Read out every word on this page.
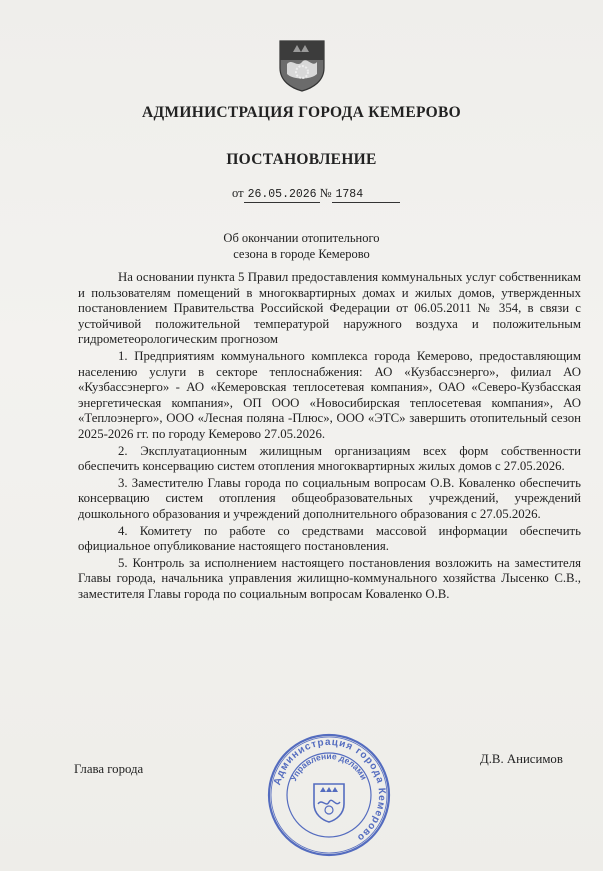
АДМИНИСТРАЦИЯ ГОРОДА КЕМЕРОВО
ПОСТАНОВЛЕНИЕ
от 26.05.2026 № 1784
Об окончании отопительного
сезона в городе Кемерово

На основании пункта 5 Правил предоставления коммунальных услуг собственникам и пользователям помещений в многоквартирных домах и жилых домов, утвержденных постановлением Правительства Российской Федерации от 06.05.2011 № 354, в связи с устойчивой положительной температурой наружного воздуха и положительным гидрометеорологическим прогнозом

1. Предприятиям коммунального комплекса города Кемерово, предоставляющим населению услуги в секторе теплоснабжения: АО «Кузбассэнерго», филиал АО «Кузбассэнерго» - АО «Кемеровская теплосетевая компания», ОАО «Северо-Кузбасская энергетическая компания», ОП ООО «Новосибирская теплосетевая компания», АО «Теплоэнерго», ООО «Лесная поляна -Плюс», ООО «ЭТС» завершить отопительный сезон 2025-2026 гг. по городу Кемерово 27.05.2026.

2. Эксплуатационным жилищным организациям всех форм собственности обеспечить консервацию систем отопления многоквартирных жилых домов с 27.05.2026.

3. Заместителю Главы города по социальным вопросам О.В. Коваленко обеспечить консервацию систем отопления общеобразовательных учреждений, учреждений дошкольного образования и учреждений дополнительного образования с 27.05.2026.

4. Комитету по работе со средствами массовой информации обеспечить официальное опубликование настоящего постановления.

5. Контроль за исполнением настоящего постановления возложить на заместителя Главы города, начальника управления жилищно-коммунального хозяйства Лысенко С.В., заместителя Главы города по социальным вопросам Коваленко О.В.

Глава города
Д.В. Анисимов
Администрация города Кемерово
Управление делами
